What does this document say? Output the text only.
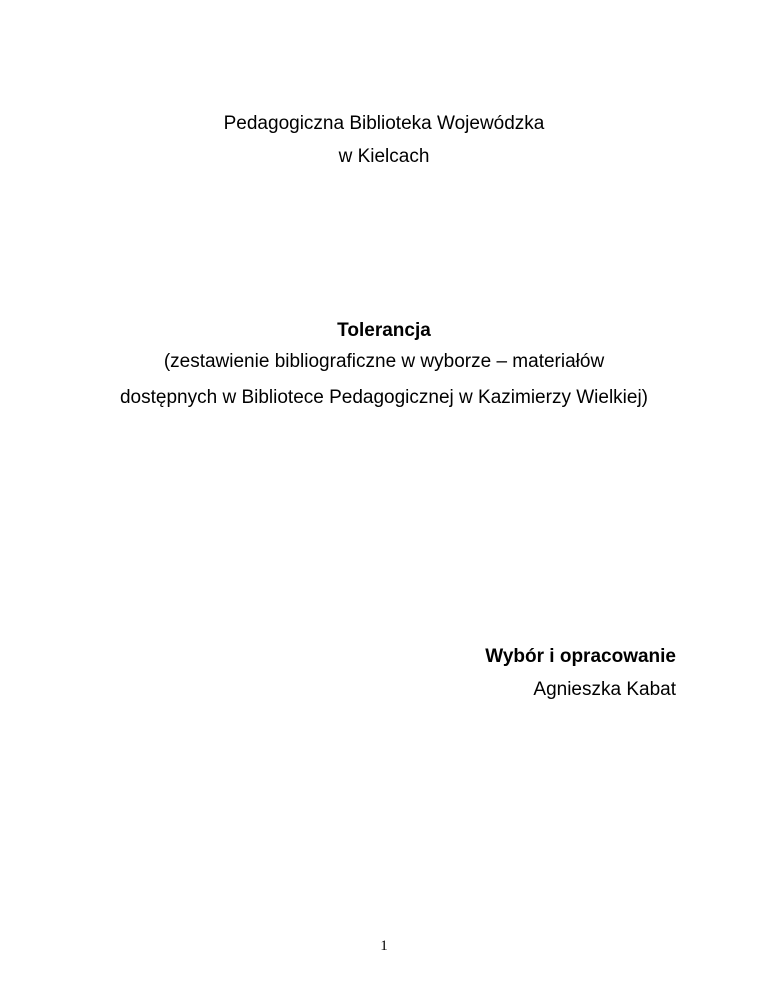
Pedagogiczna Biblioteka Wojewódzka
w Kielcach
Tolerancja
(zestawienie bibliograficzne w wyborze – materiałów
dostępnych w Bibliotece Pedagogicznej w Kazimierzy Wielkiej)
Wybór i opracowanie
Agnieszka Kabat
1
